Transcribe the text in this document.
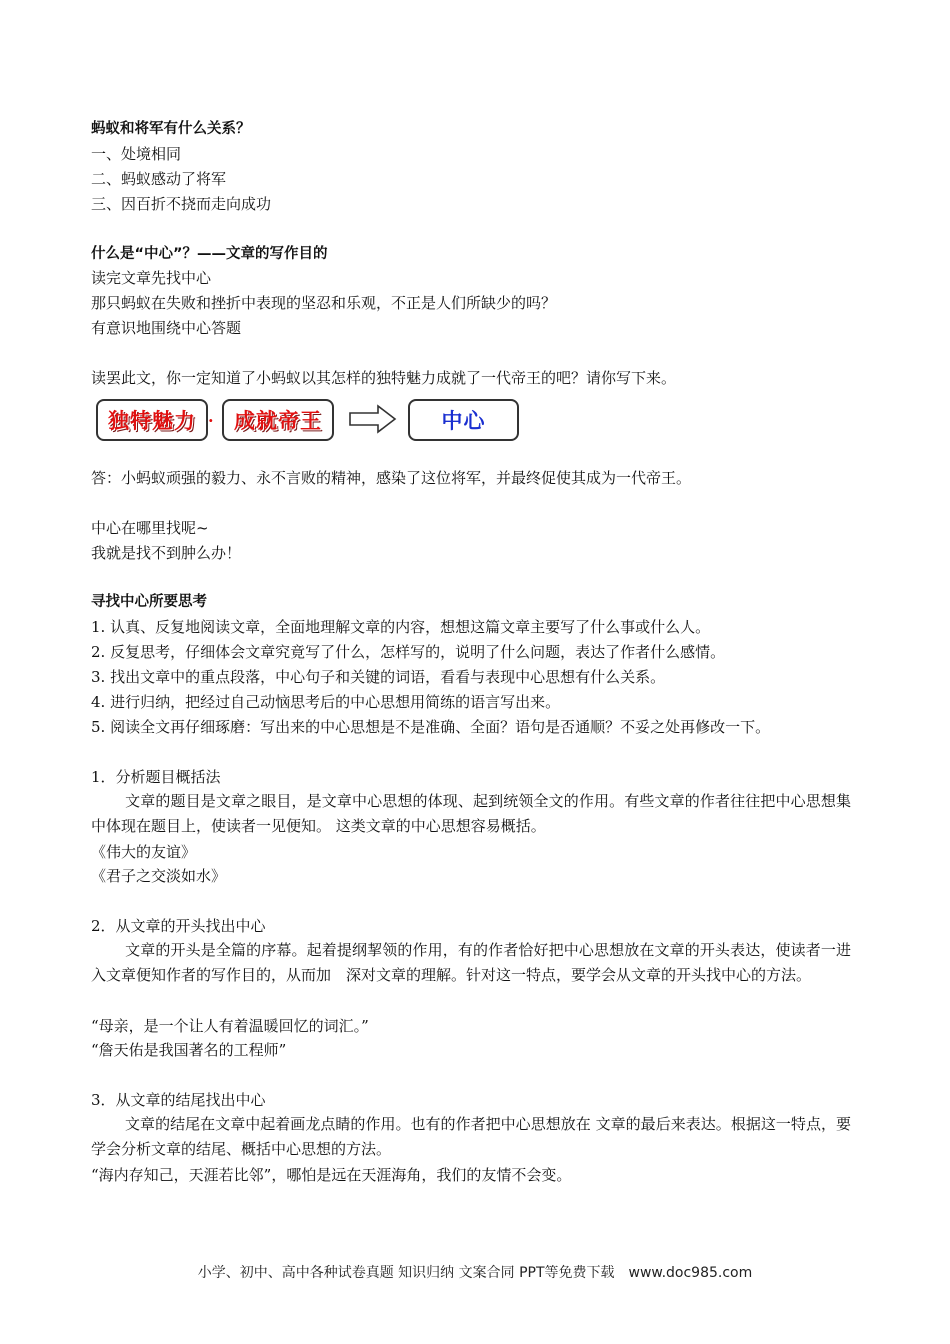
蚂蚁和将军有什么关系？
一、处境相同
二、蚂蚁感动了将军
三、因百折不挠而走向成功
什么是“中心”？——文章的写作目的
读完文章先找中心
那只蚂蚁在失败和挫折中表现的坚忍和乐观，不正是人们所缺少的吗？
有意识地围绕中心答题
读罢此文，你一定知道了小蚂蚁以其怎样的独特魅力成就了一代帝王的吧？请你写下来。
独特魅力 · 成就帝王	中心
答：小蚂蚁顽强的毅力、永不言败的精神，感染了这位将军，并最终促使其成为一代帝王。
中心在哪里找呢~
我就是找不到肿么办！
寻找中心所要思考
1. 认真、反复地阅读文章，全面地理解文章的内容，想想这篇文章主要写了什么事或什么人。
2. 反复思考，仔细体会文章究竟写了什么，怎样写的，说明了什么问题，表达了作者什么感情。
3. 找出文章中的重点段落，中心句子和关键的词语，看看与表现中心思想有什么关系。
4. 进行归纳，把经过自己动恼思考后的中心思想用简练的语言写出来。
5. 阅读全文再仔细琢磨：写出来的中心思想是不是准确、全面？语句是否通顺？不妥之处再修改一下。
1．分析题目概括法
文章的题目是文章之眼目，是文章中心思想的体现、起到统领全文的作用。有些文章的作者往往把中心思想集中体现在题目上，使读者一见便知。 这类文章的中心思想容易概括。
《伟大的友谊》
《君子之交淡如水》
2．从文章的开头找出中心
文章的开头是全篇的序幕。起着提纲挈领的作用，有的作者恰好把中心思想放在文章的开头表达，使读者一进入文章便知作者的写作目的，从而加　深对文章的理解。针对这一特点，要学会从文章的开头找中心的方法。
“母亲，是一个让人有着温暖回忆的词汇。”
“詹天佑是我国著名的工程师”
3．从文章的结尾找出中心
文章的结尾在文章中起着画龙点睛的作用。也有的作者把中心思想放在 文章的最后来表达。根据这一特点，要学会分析文章的结尾、概括中心思想的方法。
“海内存知己，天涯若比邻”，哪怕是远在天涯海角，我们的友情不会变。
小学、初中、高中各种试卷真题 知识归纳 文案合同 PPT等免费下载　www.doc985.com
